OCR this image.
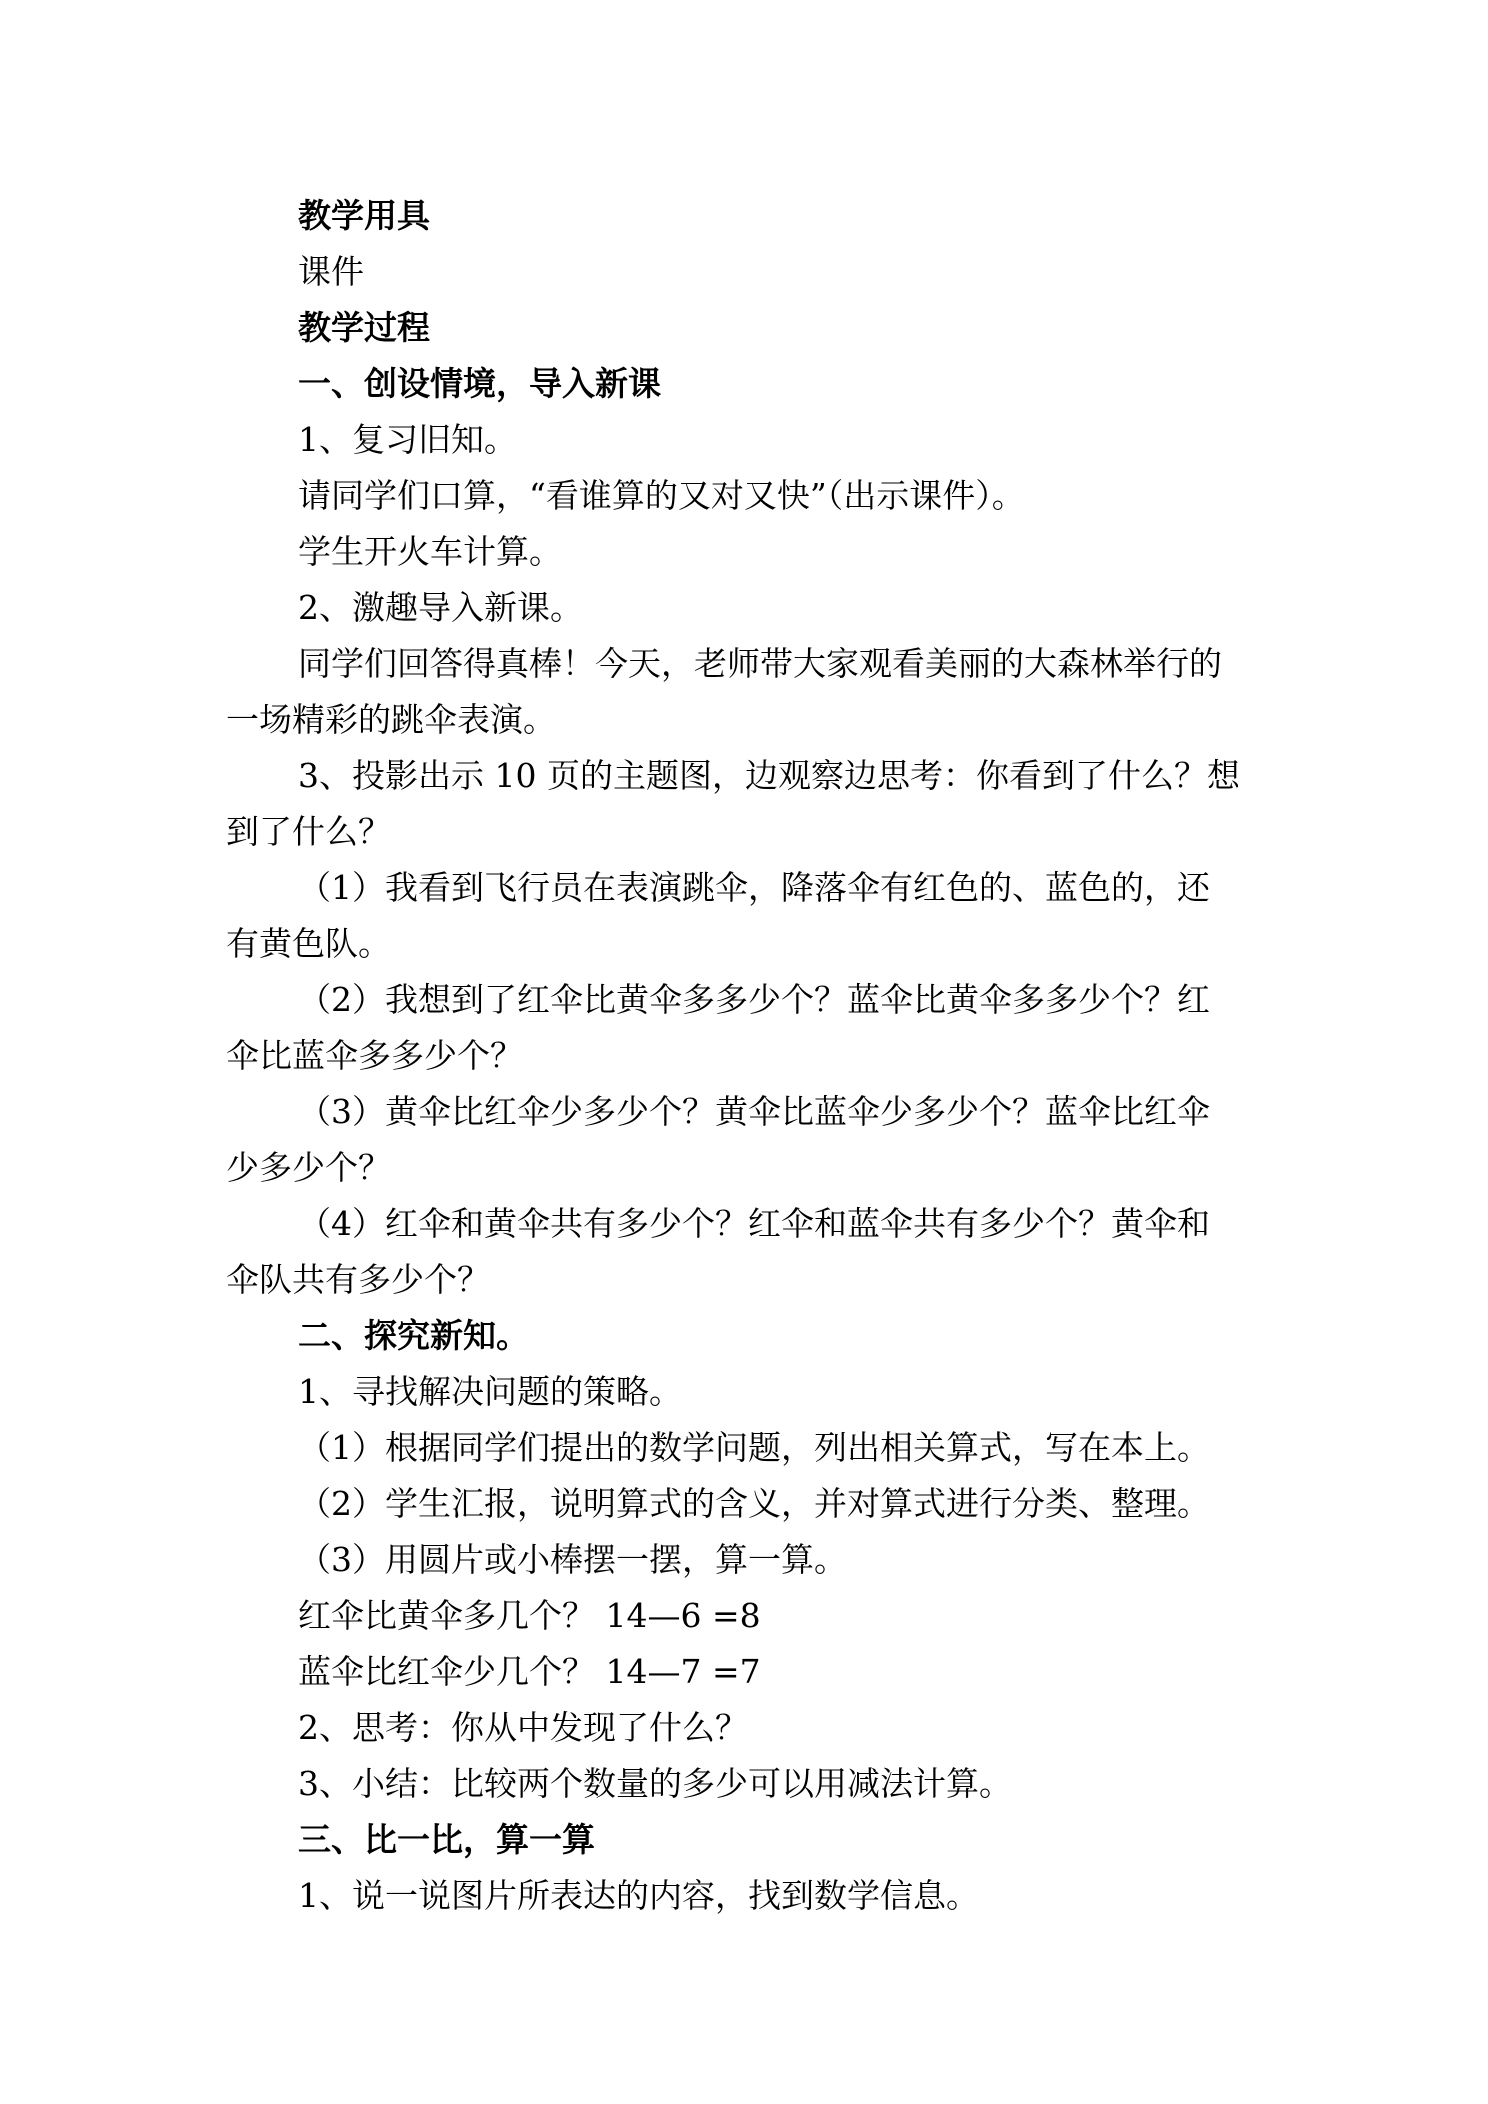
教学用具
课件
教学过程
一、创设情境，导入新课
1、复习旧知。
请同学们口算，“看谁算的又对又快”（出示课件）。
学生开火车计算。
2、激趣导入新课。
同学们回答得真棒！今天，老师带大家观看美丽的大森林举行的
一场精彩的跳伞表演。
3、投影出示 10 页的主题图，边观察边思考：你看到了什么？想
到了什么？
（1）我看到飞行员在表演跳伞，降落伞有红色的、蓝色的，还
有黄色队。
（2）我想到了红伞比黄伞多多少个？蓝伞比黄伞多多少个？红
伞比蓝伞多多少个？
（3）黄伞比红伞少多少个？黄伞比蓝伞少多少个？蓝伞比红伞
少多少个？
（4）红伞和黄伞共有多少个？红伞和蓝伞共有多少个？黄伞和
伞队共有多少个？
二、探究新知。
1、寻找解决问题的策略。
（1）根据同学们提出的数学问题，列出相关算式，写在本上。
（2）学生汇报，说明算式的含义，并对算式进行分类、整理。
（3）用圆片或小棒摆一摆，算一算。
红伞比黄伞多几个？ 14—6 =8
蓝伞比红伞少几个？ 14—7 =7
2、思考：你从中发现了什么？
3、小结：比较两个数量的多少可以用减法计算。
三、比一比，算一算
1、说一说图片所表达的内容，找到数学信息。
